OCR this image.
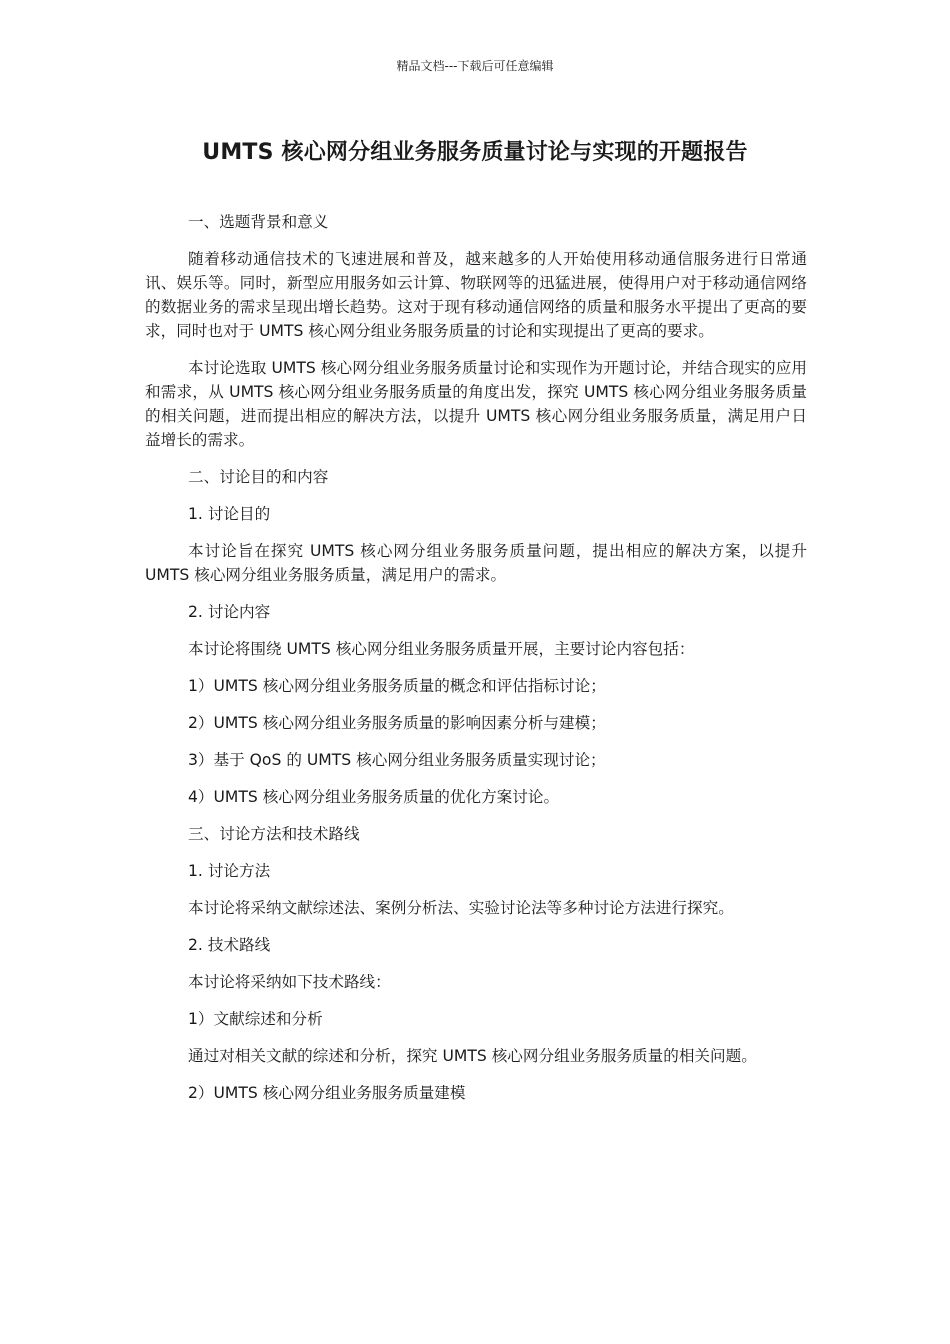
精品文档---下载后可任意编辑
UMTS 核心网分组业务服务质量讨论与实现的开题报告

一、选题背景和意义

随着移动通信技术的飞速进展和普及，越来越多的人开始使用移动通信服务进行日常通讯、娱乐等。同时，新型应用服务如云计算、物联网等的迅猛进展，使得用户对于移动通信网络的数据业务的需求呈现出增长趋势。这对于现有移动通信网络的质量和服务水平提出了更高的要求，同时也对于 UMTS 核心网分组业务服务质量的讨论和实现提出了更高的要求。

本讨论选取 UMTS 核心网分组业务服务质量讨论和实现作为开题讨论，并结合现实的应用和需求，从 UMTS 核心网分组业务服务质量的角度出发，探究 UMTS 核心网分组业务服务质量的相关问题，进而提出相应的解决方法，以提升 UMTS 核心网分组业务服务质量，满足用户日益增长的需求。

二、讨论目的和内容

1. 讨论目的

本讨论旨在探究 UMTS 核心网分组业务服务质量问题，提出相应的解决方案，以提升 UMTS 核心网分组业务服务质量，满足用户的需求。

2. 讨论内容

本讨论将围绕 UMTS 核心网分组业务服务质量开展，主要讨论内容包括：

1）UMTS 核心网分组业务服务质量的概念和评估指标讨论；

2）UMTS 核心网分组业务服务质量的影响因素分析与建模；

3）基于 QoS 的 UMTS 核心网分组业务服务质量实现讨论；

4）UMTS 核心网分组业务服务质量的优化方案讨论。

三、讨论方法和技术路线

1. 讨论方法

本讨论将采纳文献综述法、案例分析法、实验讨论法等多种讨论方法进行探究。

2. 技术路线

本讨论将采纳如下技术路线：

1）文献综述和分析

通过对相关文献的综述和分析，探究 UMTS 核心网分组业务服务质量的相关问题。

2）UMTS 核心网分组业务服务质量建模
